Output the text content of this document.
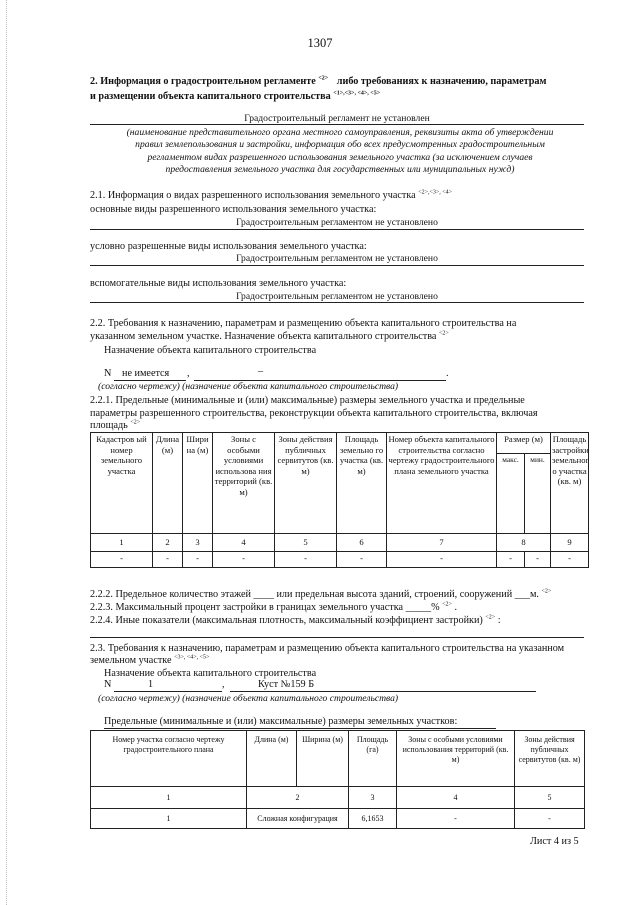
1307
2. Информация о градостроительном регламенте $^{<2>}$ либо требованиях к назначению, параметрам
и размещении объекта капитального строительства $^{<1>,<3>, <4>, <5>}$
Градостроительный регламент не установлен
(наименование представительного органа местного самоуправления, реквизиты акта об утверждении
правил землепользования и застройки, информация обо всех предусмотренных градостроительным
регламентом видах разрешенного использования земельного участка (за исключением случаев
предоставления земельного участка для государственных или муниципальных нужд)
2.1. Информация о видах разрешенного использования земельного участка $^{<2>,<3>, <4>}$
основные виды разрешенного использования земельного участка:
Градостроительным регламентом не установлено
условно разрешенные виды использования земельного участка:
Градостроительным регламентом не установлено
вспомогательные виды использования земельного участка:
Градостроительным регламентом не установлено
2.2. Требования к назначению, параметрам и размещению объекта капитального строительства на
указанном земельном участке. Назначение объекта капитального строительства $^{<2>}$
Назначение объекта капитального строительства
N не имеется ,	–	.
(согласно чертежу) (назначение объекта капитального строительства)
2.2.1. Предельные (минимальные и (или) максимальные) размеры земельного участка и предельные
параметры разрешенного строительства, реконструкции объекта капитального строительства, включая
площадь $^{<2>}$
Кадастров ый номер земельного участка	Длина (м)	Шири на (м)	Зоны с особыми условиями использова ния территорий (кв. м)	Зоны действия публичных сервитутов (кв. м)	Площадь земельно го участка (кв. м)	Номер объекта капитального строительства согласно чертежу градостроительного плана земельного участка	Размер (м)		Площадь застройки земельног о участка (кв. м)
							макс.	мин.	
1	2	3	4	5	6	7	8		9
-	-	-	-	-	-	-	-	-	-
2.2.2. Предельное количество этажей ____ или предельная высота зданий, строений, сооружений ___м. $^{<2>}$
2.2.3. Максимальный процент застройки в границах земельного участка _____% $^{<2>}$ .
2.2.4. Иные показатели (максимальная плотность, максимальный коэффициент застройки) $^{<2>}$ :
2.3. Требования к назначению, параметрам и размещению объекта капитального строительства на указанном
земельном участке $^{<3>, <4>, <5>}$
Назначение объекта капитального строительства
N	1	,	Куст №159 Б
(согласно чертежу) (назначение объекта капитального строительства)
Предельные (минимальные и (или) максимальные) размеры земельных участков:
Номер участка согласно чертежу градостроительного плана	Длина (м)	Ширина (м)	Площадь (га)	Зоны с особыми условиями использования территорий (кв. м)	Зоны действия публичных сервитутов (кв. м)
1	2		3	4	5
1	Сложная конфигурация		6,1653	-	-
Лист 4 из 5
